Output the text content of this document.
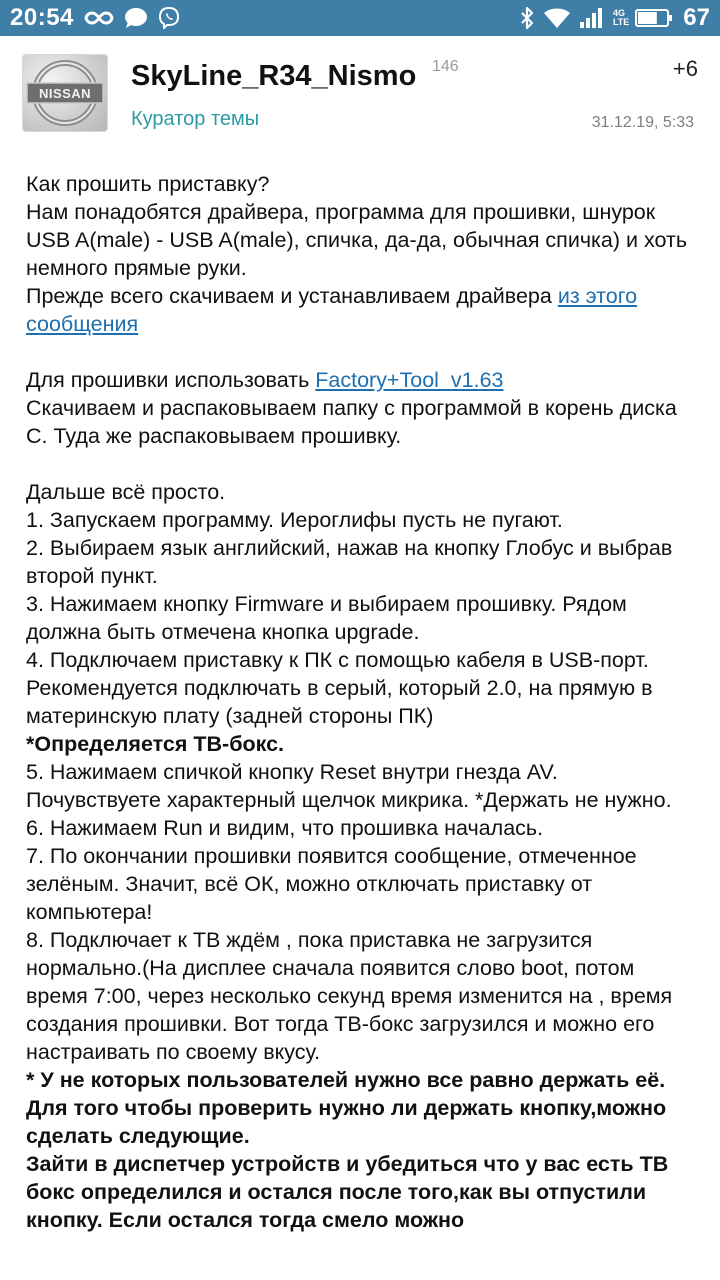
20:54	4G
LTE 67
NISSAN
SkyLine_R34_Nismo 146	+6
Куратор темы	31.12.19, 5:33

Как прошить приставку?

Нам понадобятся драйвера, программа для прошивки, шнурок USB A(male) - USB A(male), спичка, да-да, обычная спичка) и хоть немного прямые руки.

Прежде всего скачиваем и устанавливаем драйвера из этого сообщения

Для прошивки использовать Factory+Tool_v1.63

Скачиваем и распаковываем папку с программой в корень диска С. Туда же распаковываем прошивку.

Дальше всё просто.

1. Запускаем программу. Иероглифы пусть не пугают.

2. Выбираем язык английский, нажав на кнопку Глобус и выбрав второй пункт.

3. Нажимаем кнопку Firmware и выбираем прошивку. Рядом должна быть отмечена кнопка upgrade.

4. Подключаем приставку к ПК с помощью кабеля в USB-порт. Рекомендуется подключать в серый, который 2.0, на прямую в материнскую плату (задней стороны ПК)

*Определяется ТВ-бокс.

5. Нажимаем спичкой кнопку Reset внутри гнезда AV. Почувствуете характерный щелчок микрика. *Держать не нужно.

6. Нажимаем Run и видим, что прошивка началась.

7. По окончании прошивки появится сообщение, отмеченное зелёным. Значит, всё ОК, можно отключать приставку от компьютера!

8. Подключает к ТВ ждём , пока приставка не загрузится нормально.(На дисплее сначала появится слово boot, потом время 7:00, через несколько секунд время изменится на , время создания прошивки. Вот тогда ТВ-бокс загрузился и можно его настраивать по своему вкусу.

* У не которых пользователей нужно все равно держать её. Для того чтобы проверить нужно ли держать кнопку,можно сделать следующие.

Зайти в диспетчер устройств и убедиться что у вас есть ТВ бокс определился и остался после того,как вы отпустили кнопку. Если остался тогда смело можно
